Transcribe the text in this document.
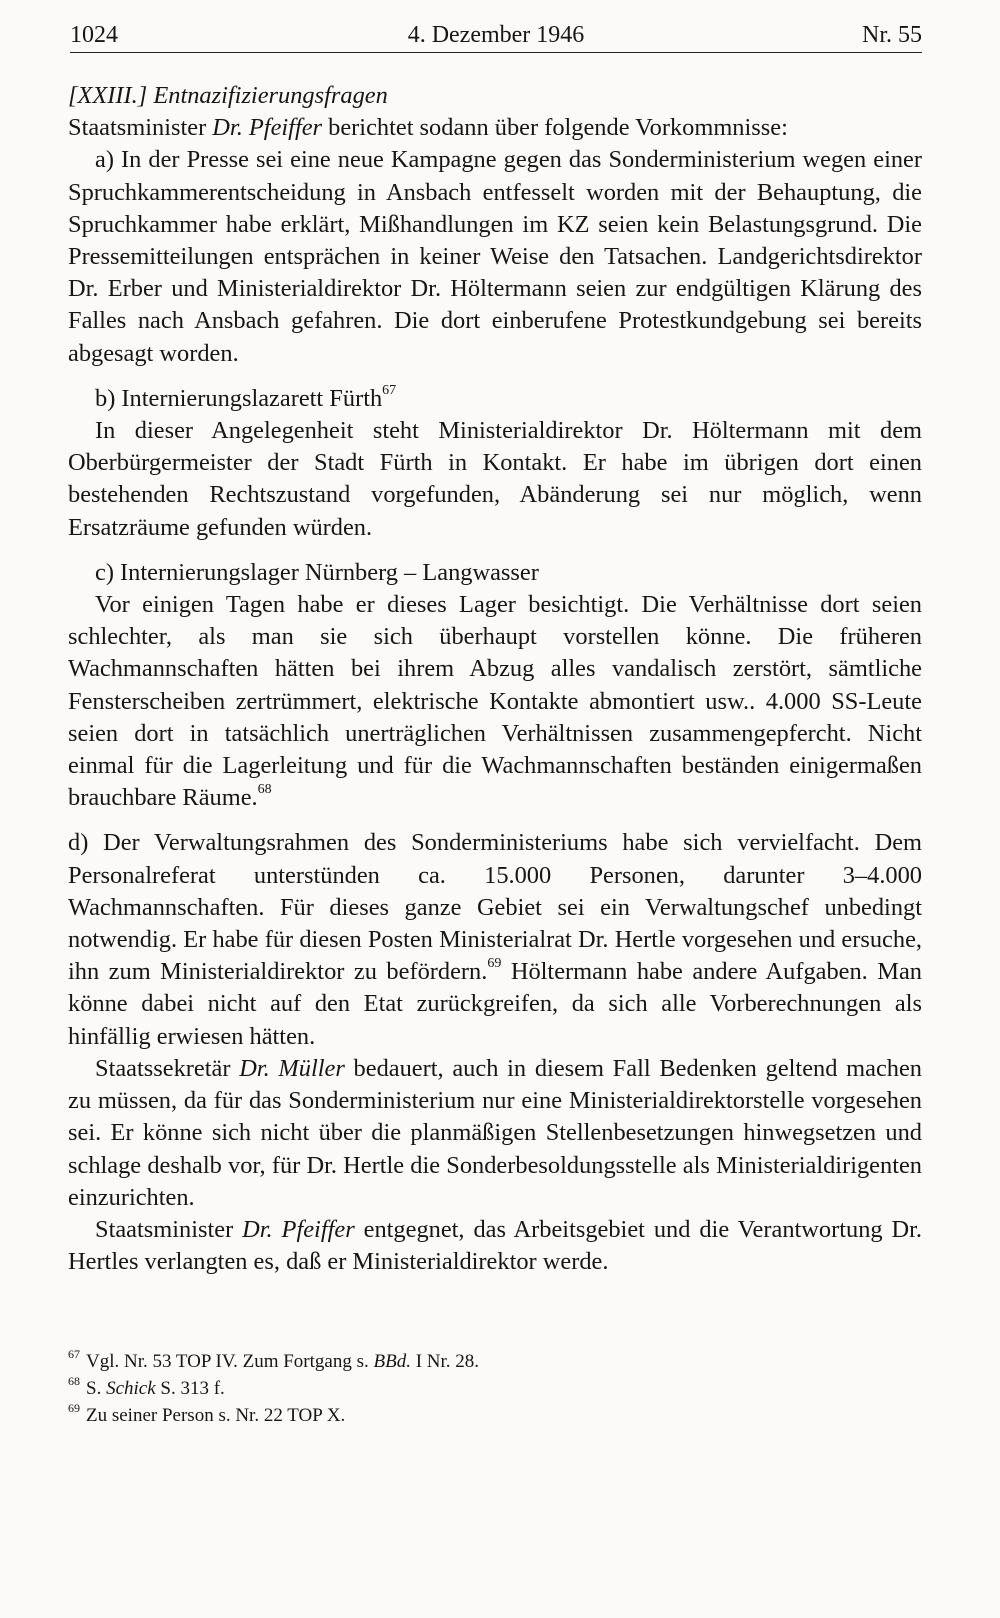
1024	4. Dezember 1946	Nr. 55

[XXIII.] Entnazifizierungsfragen

Staatsminister Dr. Pfeiffer berichtet sodann über folgende Vorkommnisse:

a) In der Presse sei eine neue Kampagne gegen das Sonderministerium wegen einer Spruchkammerentscheidung in Ansbach entfesselt worden mit der Behauptung, die Spruchkammer habe erklärt, Mißhandlungen im KZ seien kein Belastungsgrund. Die Pressemitteilungen entsprächen in keiner Weise den Tatsachen. Landgerichtsdirektor Dr. Erber und Ministerialdirektor Dr. Höltermann seien zur endgültigen Klärung des Falles nach Ansbach gefahren. Die dort einberufene Protestkundgebung sei bereits abgesagt worden.

b) Internierungslazarett Fürth$^{67}$

In dieser Angelegenheit steht Ministerialdirektor Dr. Höltermann mit dem Oberbürgermeister der Stadt Fürth in Kontakt. Er habe im übrigen dort einen bestehenden Rechtszustand vorgefunden, Abänderung sei nur möglich, wenn Ersatzräume gefunden würden.

c) Internierungslager Nürnberg – Langwasser

Vor einigen Tagen habe er dieses Lager besichtigt. Die Verhältnisse dort seien schlechter, als man sie sich überhaupt vorstellen könne. Die früheren Wachmannschaften hätten bei ihrem Abzug alles vandalisch zerstört, sämtliche Fensterscheiben zertrümmert, elektrische Kontakte abmontiert usw.. 4.000 SS-Leute seien dort in tatsächlich unerträglichen Verhältnissen zusammengepfercht. Nicht einmal für die Lagerleitung und für die Wachmannschaften beständen einigermaßen brauchbare Räume.$^{68}$

d) Der Verwaltungsrahmen des Sonderministeriums habe sich vervielfacht. Dem Personalreferat unterstünden ca. 15.000 Personen, darunter 3–4.000 Wachmannschaften. Für dieses ganze Gebiet sei ein Verwaltungschef unbedingt notwendig. Er habe für diesen Posten Ministerialrat Dr. Hertle vorgesehen und ersuche, ihn zum Ministerialdirektor zu befördern.$^{69}$ Höltermann habe andere Aufgaben. Man könne dabei nicht auf den Etat zurückgreifen, da sich alle Vorberechnungen als hinfällig erwiesen hätten.

Staatssekretär Dr. Müller bedauert, auch in diesem Fall Bedenken geltend machen zu müssen, da für das Sonderministerium nur eine Ministerialdirektorstelle vorgesehen sei. Er könne sich nicht über die planmäßigen Stellenbesetzungen hinwegsetzen und schlage deshalb vor, für Dr. Hertle die Sonderbesoldungsstelle als Ministerialdirigenten einzurichten.

Staatsminister Dr. Pfeiffer entgegnet, das Arbeitsgebiet und die Verantwortung Dr. Hertles verlangten es, daß er Ministerialdirektor werde.

$^{67}$ Vgl. Nr. 53 TOP IV. Zum Fortgang s. BBd. I Nr. 28.
$^{68}$ S. Schick S. 313 f.
$^{69}$ Zu seiner Person s. Nr. 22 TOP X.
